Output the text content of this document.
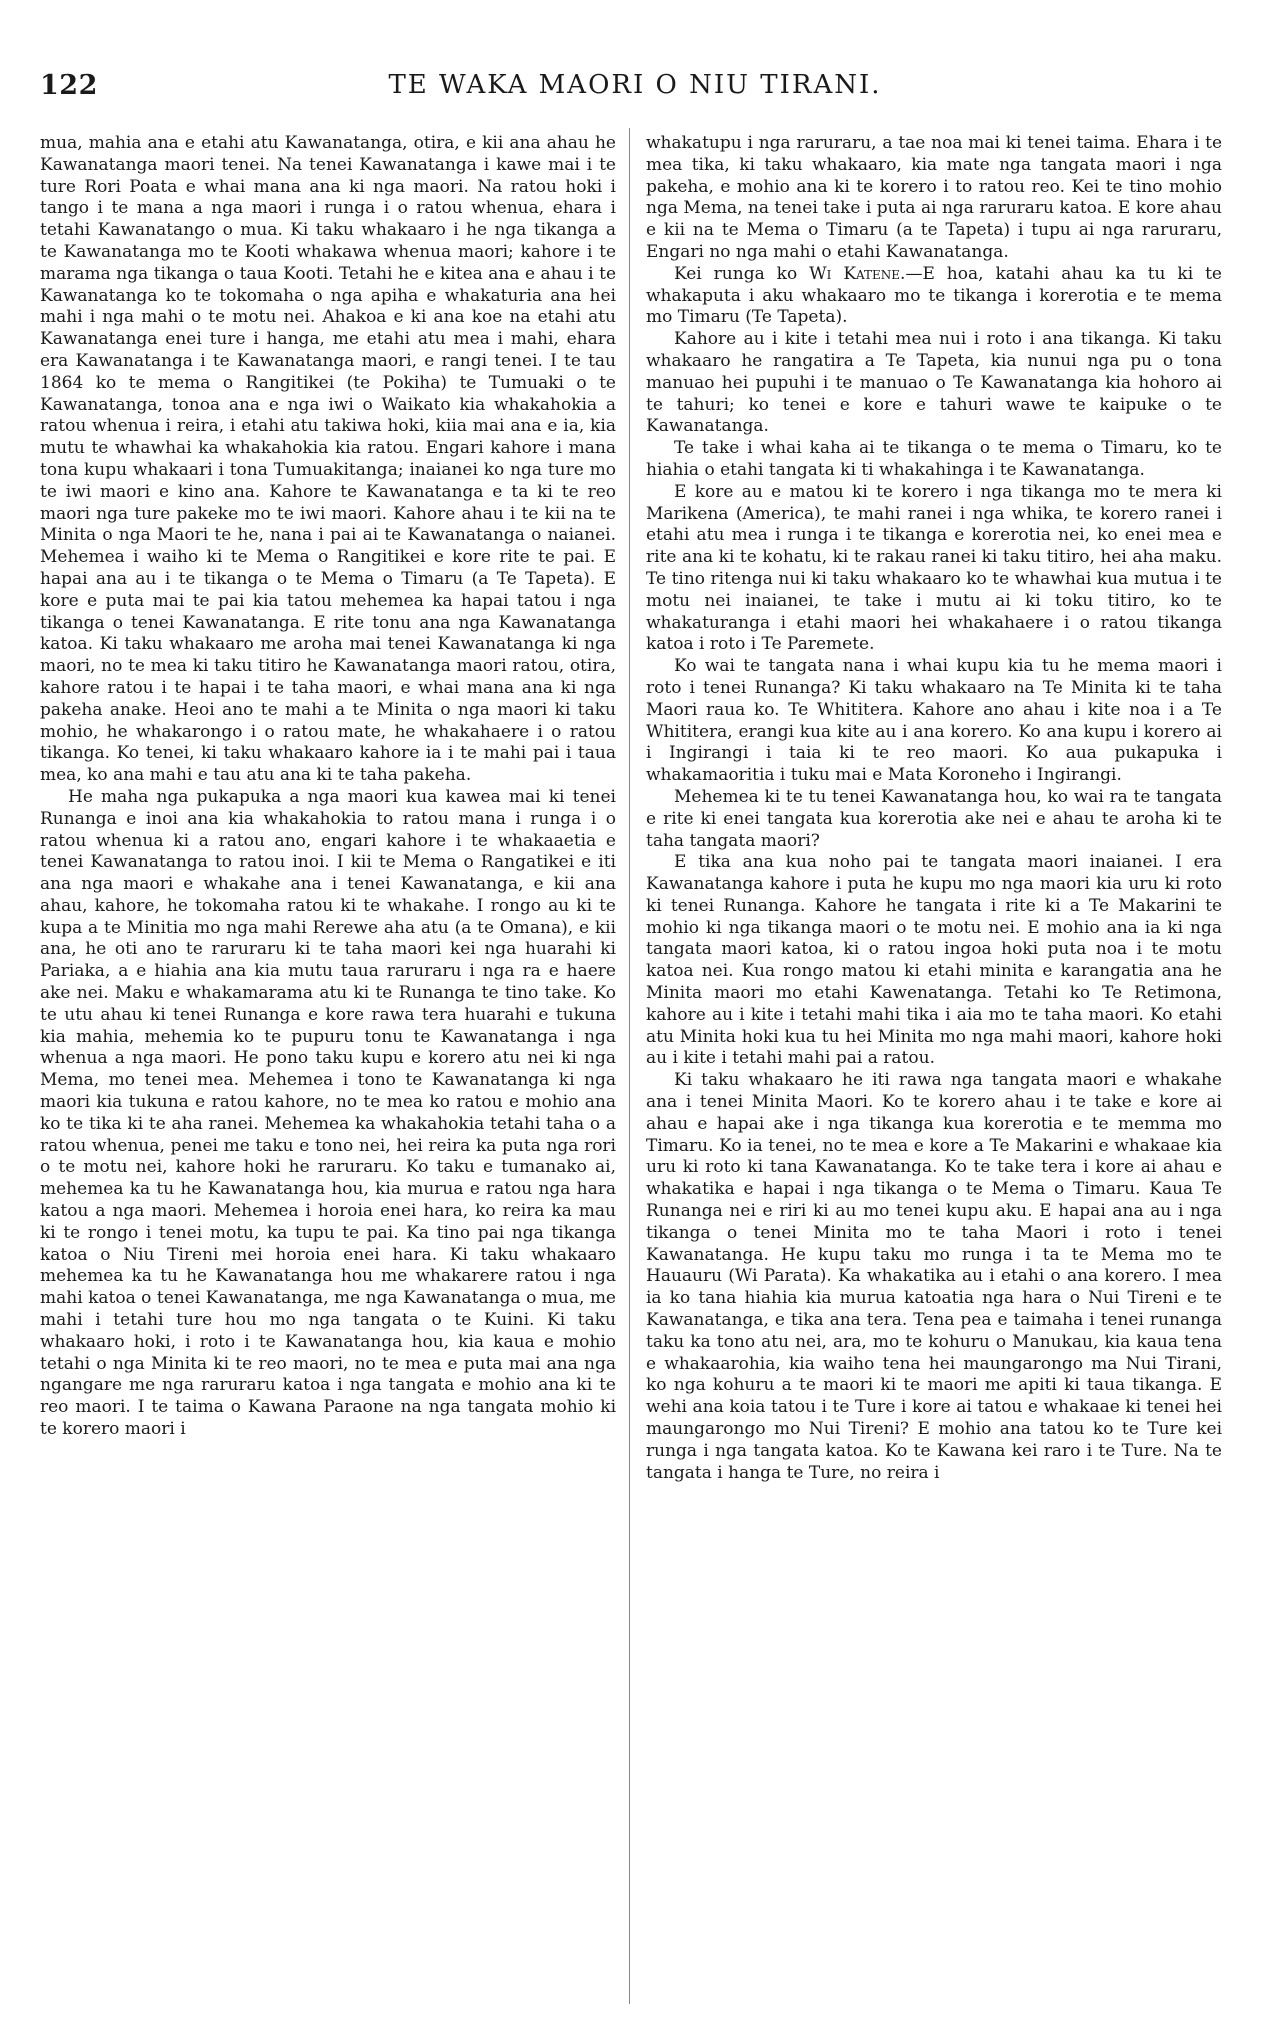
122	TE WAKA MAORI O NIU TIRANI.

mua, mahia ana e etahi atu Kawanatanga, otira, e kii ana ahau he Kawanatanga maori tenei. Na tenei Kawanatanga i kawe mai i te ture Rori Poata e whai mana ana ki nga maori. Na ratou hoki i tango i te mana a nga maori i runga i o ratou whenua, ehara i tetahi Kawanatango o mua. Ki taku whakaaro i he nga tikanga a te Kawanatanga mo te Kooti whakawa whenua maori; kahore i te marama nga tikanga o taua Kooti. Tetahi he e kitea ana e ahau i te Kawanatanga ko te tokomaha o nga apiha e whakaturia ana hei mahi i nga mahi o te motu nei. Ahakoa e ki ana koe na etahi atu Kawanatanga enei ture i hanga, me etahi atu mea i mahi, ehara era Kawanatanga i te Kawanatanga maori, e rangi tenei. I te tau 1864 ko te mema o Rangitikei (te Pokiha) te Tumuaki o te Kawanatanga, tonoa ana e nga iwi o Waikato kia whakahokia a ratou whenua i reira, i etahi atu takiwa hoki, kiia mai ana e ia, kia mutu te whawhai ka whakahokia kia ratou. Engari kahore i mana tona kupu whakaari i tona Tumuakitanga; inaianei ko nga ture mo te iwi maori e kino ana. Kahore te Kawanatanga e ta ki te reo maori nga ture pakeke mo te iwi maori. Kahore ahau i te kii na te Minita o nga Maori te he, nana i pai ai te Kawanatanga o naianei. Mehemea i waiho ki te Mema o Rangitikei e kore rite te pai. E hapai ana au i te tikanga o te Mema o Timaru (a Te Tapeta). E kore e puta mai te pai kia tatou mehemea ka hapai tatou i nga tikanga o tenei Kawanatanga. E rite tonu ana nga Kawanatanga katoa. Ki taku whakaaro me aroha mai tenei Kawanatanga ki nga maori, no te mea ki taku titiro he Kawanatanga maori ratou, otira, kahore ratou i te hapai i te taha maori, e whai mana ana ki nga pakeha anake. Heoi ano te mahi a te Minita o nga maori ki taku mohio, he whakarongo i o ratou mate, he whakahaere i o ratou tikanga. Ko tenei, ki taku whakaaro kahore ia i te mahi pai i taua mea, ko ana mahi e tau atu ana ki te taha pakeha.

He maha nga pukapuka a nga maori kua kawea mai ki tenei Runanga e inoi ana kia whakahokia to ratou mana i runga i o ratou whenua ki a ratou ano, engari kahore i te whakaaetia e tenei Kawanatanga to ratou inoi. I kii te Mema o Rangatikei e iti ana nga maori e whakahe ana i tenei Kawanatanga, e kii ana ahau, kahore, he tokomaha ratou ki te whakahe. I rongo au ki te kupa a te Minitia mo nga mahi Rerewe aha atu (a te Omana), e kii ana, he oti ano te raruraru ki te taha maori kei nga huarahi ki Pariaka, a e hiahia ana kia mutu taua raruraru i nga ra e haere ake nei. Maku e whakamarama atu ki te Runanga te tino take. Ko te utu ahau ki tenei Runanga e kore rawa tera huarahi e tukuna kia mahia, mehemia ko te pupuru tonu te Kawanatanga i nga whenua a nga maori. He pono taku kupu e korero atu nei ki nga Mema, mo tenei mea. Mehemea i tono te Kawanatanga ki nga maori kia tukuna e ratou kahore, no te mea ko ratou e mohio ana ko te tika ki te aha ranei. Mehemea ka whakahokia tetahi taha o a ratou whenua, penei me taku e tono nei, hei reira ka puta nga rori o te motu nei, kahore hoki he raruraru. Ko taku e tumanako ai, mehemea ka tu he Kawanatanga hou, kia murua e ratou nga hara katou a nga maori. Mehemea i horoia enei hara, ko reira ka mau ki te rongo i tenei motu, ka tupu te pai. Ka tino pai nga tikanga katoa o Niu Tireni mei horoia enei hara. Ki taku whakaaro mehemea ka tu he Kawanatanga hou me whakarere ratou i nga mahi katoa o tenei Kawanatanga, me nga Kawanatanga o mua, me mahi i tetahi ture hou mo nga tangata o te Kuini. Ki taku whakaaro hoki, i roto i te Kawanatanga hou, kia kaua e mohio tetahi o nga Minita ki te reo maori, no te mea e puta mai ana nga ngangare me nga raruraru katoa i nga tangata e mohio ana ki te reo maori. I te taima o Kawana Paraone na nga tangata mohio ki te korero maori i

whakatupu i nga raruraru, a tae noa mai ki tenei taima. Ehara i te mea tika, ki taku whakaaro, kia mate nga tangata maori i nga pakeha, e mohio ana ki te korero i to ratou reo. Kei te tino mohio nga Mema, na tenei take i puta ai nga raruraru katoa. E kore ahau e kii na te Mema o Timaru (a te Tapeta) i tupu ai nga raruraru, Engari no nga mahi o etahi Kawanatanga.

Kei runga ko Wi Katene.—E hoa, katahi ahau ka tu ki te whakaputa i aku whakaaro mo te tikanga i korerotia e te mema mo Timaru (Te Tapeta).

Kahore au i kite i tetahi mea nui i roto i ana tikanga. Ki taku whakaaro he rangatira a Te Tapeta, kia nunui nga pu o tona manuao hei pupuhi i te manuao o Te Kawanatanga kia hohoro ai te tahuri; ko tenei e kore e tahuri wawe te kaipuke o te Kawanatanga.

Te take i whai kaha ai te tikanga o te mema o Timaru, ko te hiahia o etahi tangata ki ti whakahinga i te Kawanatanga.

E kore au e matou ki te korero i nga tikanga mo te mera ki Marikena (America), te mahi ranei i nga whika, te korero ranei i etahi atu mea i runga i te tikanga e korerotia nei, ko enei mea e rite ana ki te kohatu, ki te rakau ranei ki taku titiro, hei aha maku. Te tino ritenga nui ki taku whakaaro ko te whawhai kua mutua i te motu nei inaianei, te take i mutu ai ki toku titiro, ko te whakaturanga i etahi maori hei whakahaere i o ratou tikanga katoa i roto i Te Paremete.

Ko wai te tangata nana i whai kupu kia tu he mema maori i roto i tenei Runanga? Ki taku whakaaro na Te Minita ki te taha Maori raua ko. Te Whititera. Kahore ano ahau i kite noa i a Te Whititera, erangi kua kite au i ana korero. Ko ana kupu i korero ai i Ingirangi i taia ki te reo maori. Ko aua pukapuka i whakamaoritia i tuku mai e Mata Koroneho i Ingirangi.

Mehemea ki te tu tenei Kawanatanga hou, ko wai ra te tangata e rite ki enei tangata kua korerotia ake nei e ahau te aroha ki te taha tangata maori?

E tika ana kua noho pai te tangata maori inaianei. I era Kawanatanga kahore i puta he kupu mo nga maori kia uru ki roto ki tenei Runanga. Kahore he tangata i rite ki a Te Makarini te mohio ki nga tikanga maori o te motu nei. E mohio ana ia ki nga tangata maori katoa, ki o ratou ingoa hoki puta noa i te motu katoa nei. Kua rongo matou ki etahi minita e karangatia ana he Minita maori mo etahi Kawenatanga. Tetahi ko Te Retimona, kahore au i kite i tetahi mahi tika i aia mo te taha maori. Ko etahi atu Minita hoki kua tu hei Minita mo nga mahi maori, kahore hoki au i kite i tetahi mahi pai a ratou.

Ki taku whakaaro he iti rawa nga tangata maori e whakahe ana i tenei Minita Maori. Ko te korero ahau i te take e kore ai ahau e hapai ake i nga tikanga kua korerotia e te memma mo Timaru. Ko ia tenei, no te mea e kore a Te Makarini e whakaae kia uru ki roto ki tana Kawanatanga. Ko te take tera i kore ai ahau e whakatika e hapai i nga tikanga o te Mema o Timaru. Kaua Te Runanga nei e riri ki au mo tenei kupu aku. E hapai ana au i nga tikanga o tenei Minita mo te taha Maori i roto i tenei Kawanatanga. He kupu taku mo runga i ta te Mema mo te Hauauru (Wi Parata). Ka whakatika au i etahi o ana korero. I mea ia ko tana hiahia kia murua katoatia nga hara o Nui Tireni e te Kawanatanga, e tika ana tera. Tena pea e taimaha i tenei runanga taku ka tono atu nei, ara, mo te kohuru o Manukau, kia kaua tena e whakaarohia, kia waiho tena hei maungarongo ma Nui Tirani, ko nga kohuru a te maori ki te maori me apiti ki taua tikanga. E wehi ana koia tatou i te Ture i kore ai tatou e whakaae ki tenei hei maungarongo mo Nui Tireni? E mohio ana tatou ko te Ture kei runga i nga tangata katoa. Ko te Kawana kei raro i te Ture. Na te tangata i hanga te Ture, no reira i
